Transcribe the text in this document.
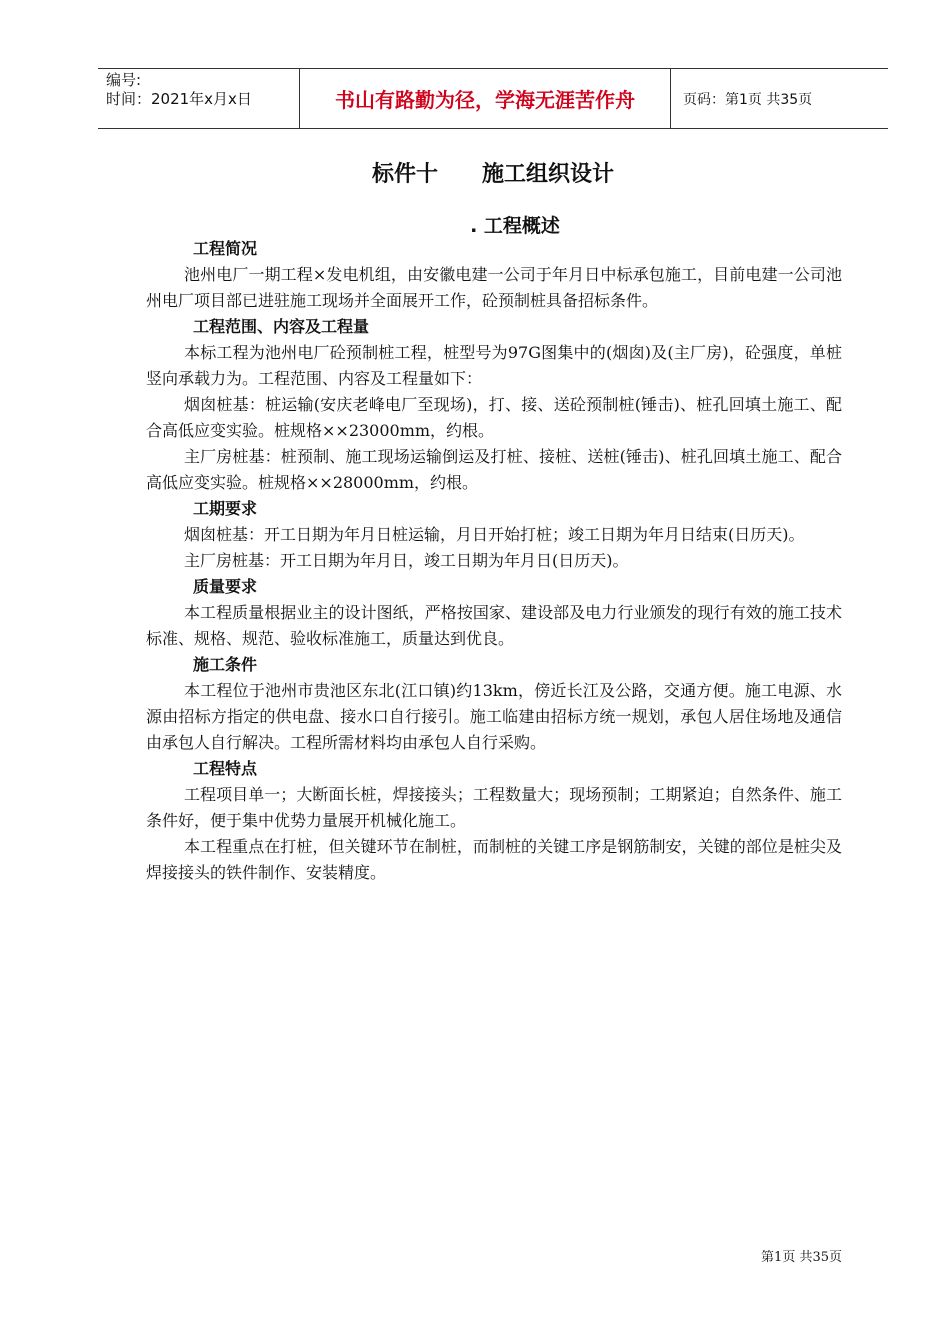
编号:
时间：2021年x月x日	书山有路勤为径，学海无涯苦作舟	页码：第1页 共35页
标件十　　施工组织设计
. 工程概述
工程简况

池州电厂一期工程×发电机组，由安徽电建一公司于年月日中标承包施工，目前电建一公司池州电厂项目部已进驻施工现场并全面展开工作，砼预制桩具备招标条件。

工程范围、内容及工程量

本标工程为池州电厂砼预制桩工程，桩型号为97G图集中的(烟囱)及(主厂房)，砼强度，单桩竖向承载力为。工程范围、内容及工程量如下：

烟囱桩基：桩运输(安庆老峰电厂至现场)，打、接、送砼预制桩(锤击)、桩孔回填土施工、配合高低应变实验。桩规格××23000mm，约根。

主厂房桩基：桩预制、施工现场运输倒运及打桩、接桩、送桩(锤击)、桩孔回填土施工、配合高低应变实验。桩规格××28000mm，约根。

工期要求

烟囱桩基：开工日期为年月日桩运输，月日开始打桩；竣工日期为年月日结束(日历天)。

主厂房桩基：开工日期为年月日，竣工日期为年月日(日历天)。

质量要求

本工程质量根据业主的设计图纸，严格按国家、建设部及电力行业颁发的现行有效的施工技术标准、规格、规范、验收标准施工，质量达到优良。

施工条件

本工程位于池州市贵池区东北(江口镇)约13km，傍近长江及公路，交通方便。施工电源、水源由招标方指定的供电盘、接水口自行接引。施工临建由招标方统一规划，承包人居住场地及通信由承包人自行解决。工程所需材料均由承包人自行采购。

工程特点

工程项目单一；大断面长桩，焊接接头；工程数量大；现场预制；工期紧迫；自然条件、施工条件好，便于集中优势力量展开机械化施工。

本工程重点在打桩，但关键环节在制桩，而制桩的关键工序是钢筋制安，关键的部位是桩尖及焊接接头的铁件制作、安装精度。

第1页 共35页
